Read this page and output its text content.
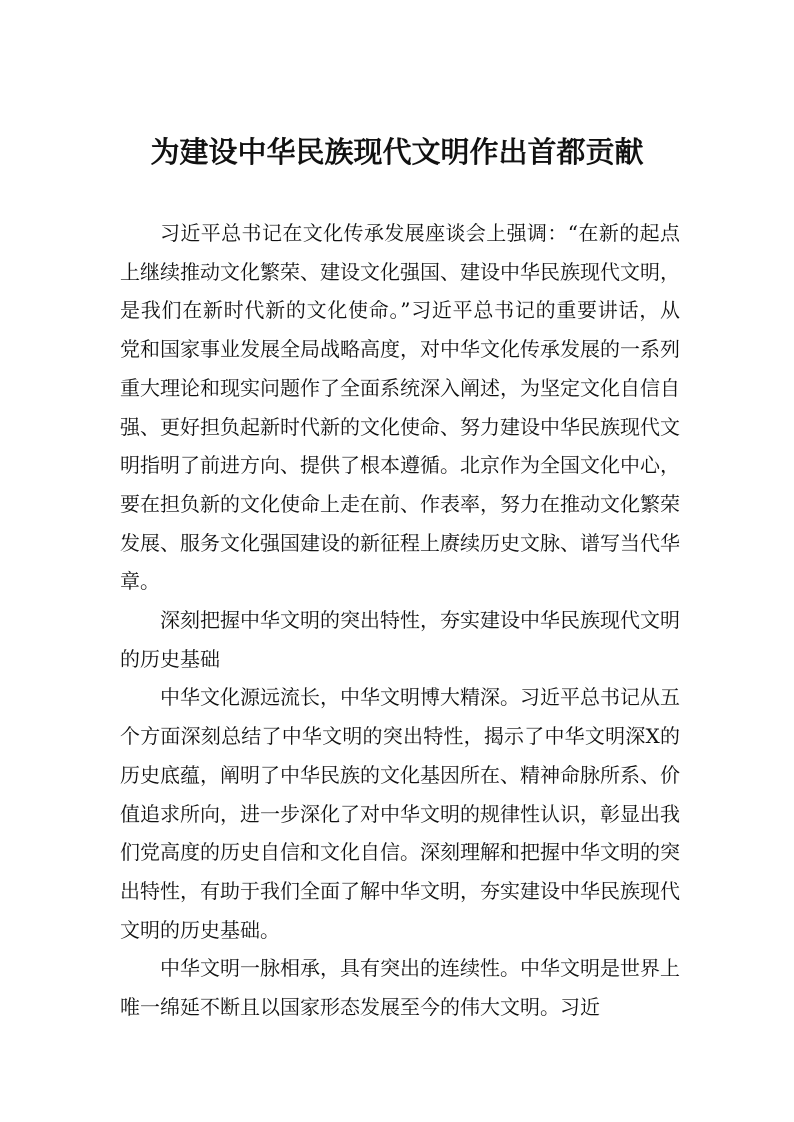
为建设中华民族现代文明作出首都贡献

习近平总书记在文化传承发展座谈会上强调：“在新的起点上继续推动文化繁荣、建设文化强国、建设中华民族现代文明，是我们在新时代新的文化使命。”习近平总书记的重要讲话，从党和国家事业发展全局战略高度，对中华文化传承发展的一系列重大理论和现实问题作了全面系统深入阐述，为坚定文化自信自强、更好担负起新时代新的文化使命、努力建设中华民族现代文明指明了前进方向、提供了根本遵循。北京作为全国文化中心，要在担负新的文化使命上走在前、作表率，努力在推动文化繁荣发展、服务文化强国建设的新征程上赓续历史文脉、谱写当代华章。

深刻把握中华文明的突出特性，夯实建设中华民族现代文明的历史基础

中华文化源远流长，中华文明博大精深。习近平总书记从五个方面深刻总结了中华文明的突出特性，揭示了中华文明深X的历史底蕴，阐明了中华民族的文化基因所在、精神命脉所系、价值追求所向，进一步深化了对中华文明的规律性认识，彰显出我们党高度的历史自信和文化自信。深刻理解和把握中华文明的突出特性，有助于我们全面了解中华文明，夯实建设中华民族现代文明的历史基础。

中华文明一脉相承，具有突出的连续性。中华文明是世界上唯一绵延不断且以国家形态发展至今的伟大文明。习近
